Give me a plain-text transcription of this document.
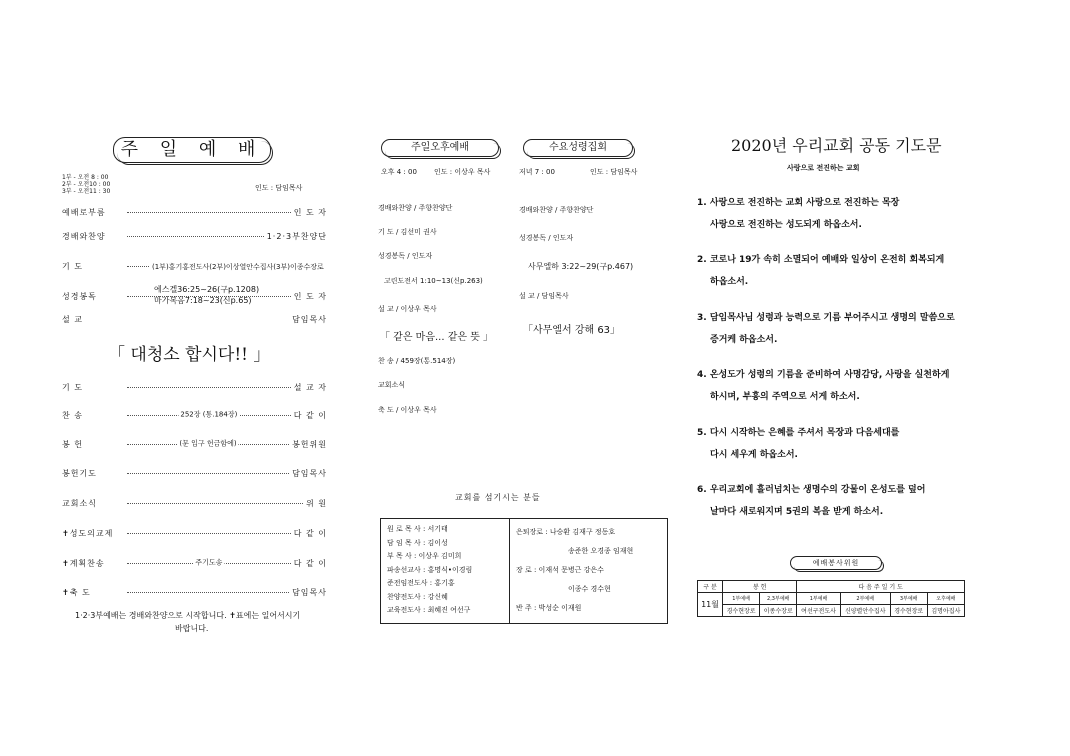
주 일 예 배
1부 - 오전 8 : 00
2부 - 오전10 : 00
3부 - 오전11 : 30	인도 : 담임목사
예배로부름	인 도 자
경배와찬양	1·2·3부찬양단
기 도	(1부)홍기홍전도사(2부)이상열안수집사(3부)이종수장로
성경봉독	인 도 자
에스겔36:25~26(구p.1208)
마가복음7:18~23(신p.65)
설 교	담임목사
「 대청소 합시다!! 」
기 도	설 교 자
찬 송	252장 (통.184장)	다 같 이
봉 헌	(문 입구 헌금함에)	봉헌위원
봉헌기도	담임목사
교회소식	위 원
✝성도의교제	다 같 이
✝계획찬송	주기도송	다 같 이
✝축 도	담임목사
1·2·3부예배는 경배와찬양으로 시작합니다. ✝표에는 일어서시기
바랍니다.
주일오후예배
오후 4 : 00 인도 : 이상우 목사
경배와찬양 / 주향찬양단
기 도 / 김선미 권사
성경봉독 / 인도자
고린도전서 1:10~13(신p.263)
설 교 / 이상우 목사
「 같은 마음... 같은 뜻 」
찬 송 / 459장(통.514장)
교회소식
축 도 / 이상우 목사
수요성령집회
저녁 7 : 00	인도 : 담임목사
경배와찬양 / 주향찬양단
성경봉독 / 인도자
사무엘하 3:22~29(구p.467)
설 교 / 담임목사
「사무엘서 강해 63」
교회를 섬기시는 분들
원 로 목 사 : 서기태
담 임 목 사 : 김이성
부 목 사 : 이상우 김미희
파송선교사 : 홍명식•이경림
준전임전도사 : 홍기홍
찬양전도사 : 강신혜
교육전도사 : 최혜진 여선구
은퇴장로 : 나승환 김재구 정동호
송준한 오경종 임재현
장 로 : 이재석 문병근 강은수
이종수 경수현
반 주 : 박성순 이재원
2020년 우리교회 공동 기도문
사랑으로 전진하는 교회
1. 사랑으로 전진하는 교회 사랑으로 전진하는 목장
사랑으로 전진하는 성도되게 하옵소서.
2. 코로나 19가 속히 소멸되어 예배와 일상이 온전히 회복되게
하옵소서.
3. 담임목사님 성령과 능력으로 기름 부어주시고 생명의 말씀으로
증거케 하옵소서.
4. 온성도가 성령의 기름을 준비하여 사명감당, 사랑을 실천하게
하시며, 부흥의 주역으로 서게 하소서.
5. 다시 시작하는 은혜를 주셔서 목장과 다음세대를
다시 세우게 하옵소서.
6. 우리교회에 흘러넘치는 생명수의 강물이 온성도를 덮어
날마다 새로워지며 5권의 복을 받게 하소서.
예배봉사위원
구 분	봉 헌		다 음 주 일 기 도			
11월	1부예배	2,3부예배	1부예배	2부예배	3부예배	오후예배
	경수현장로	이종수장로	여선구전도사	신양렬안수집사	경수현장로	김명아집사
